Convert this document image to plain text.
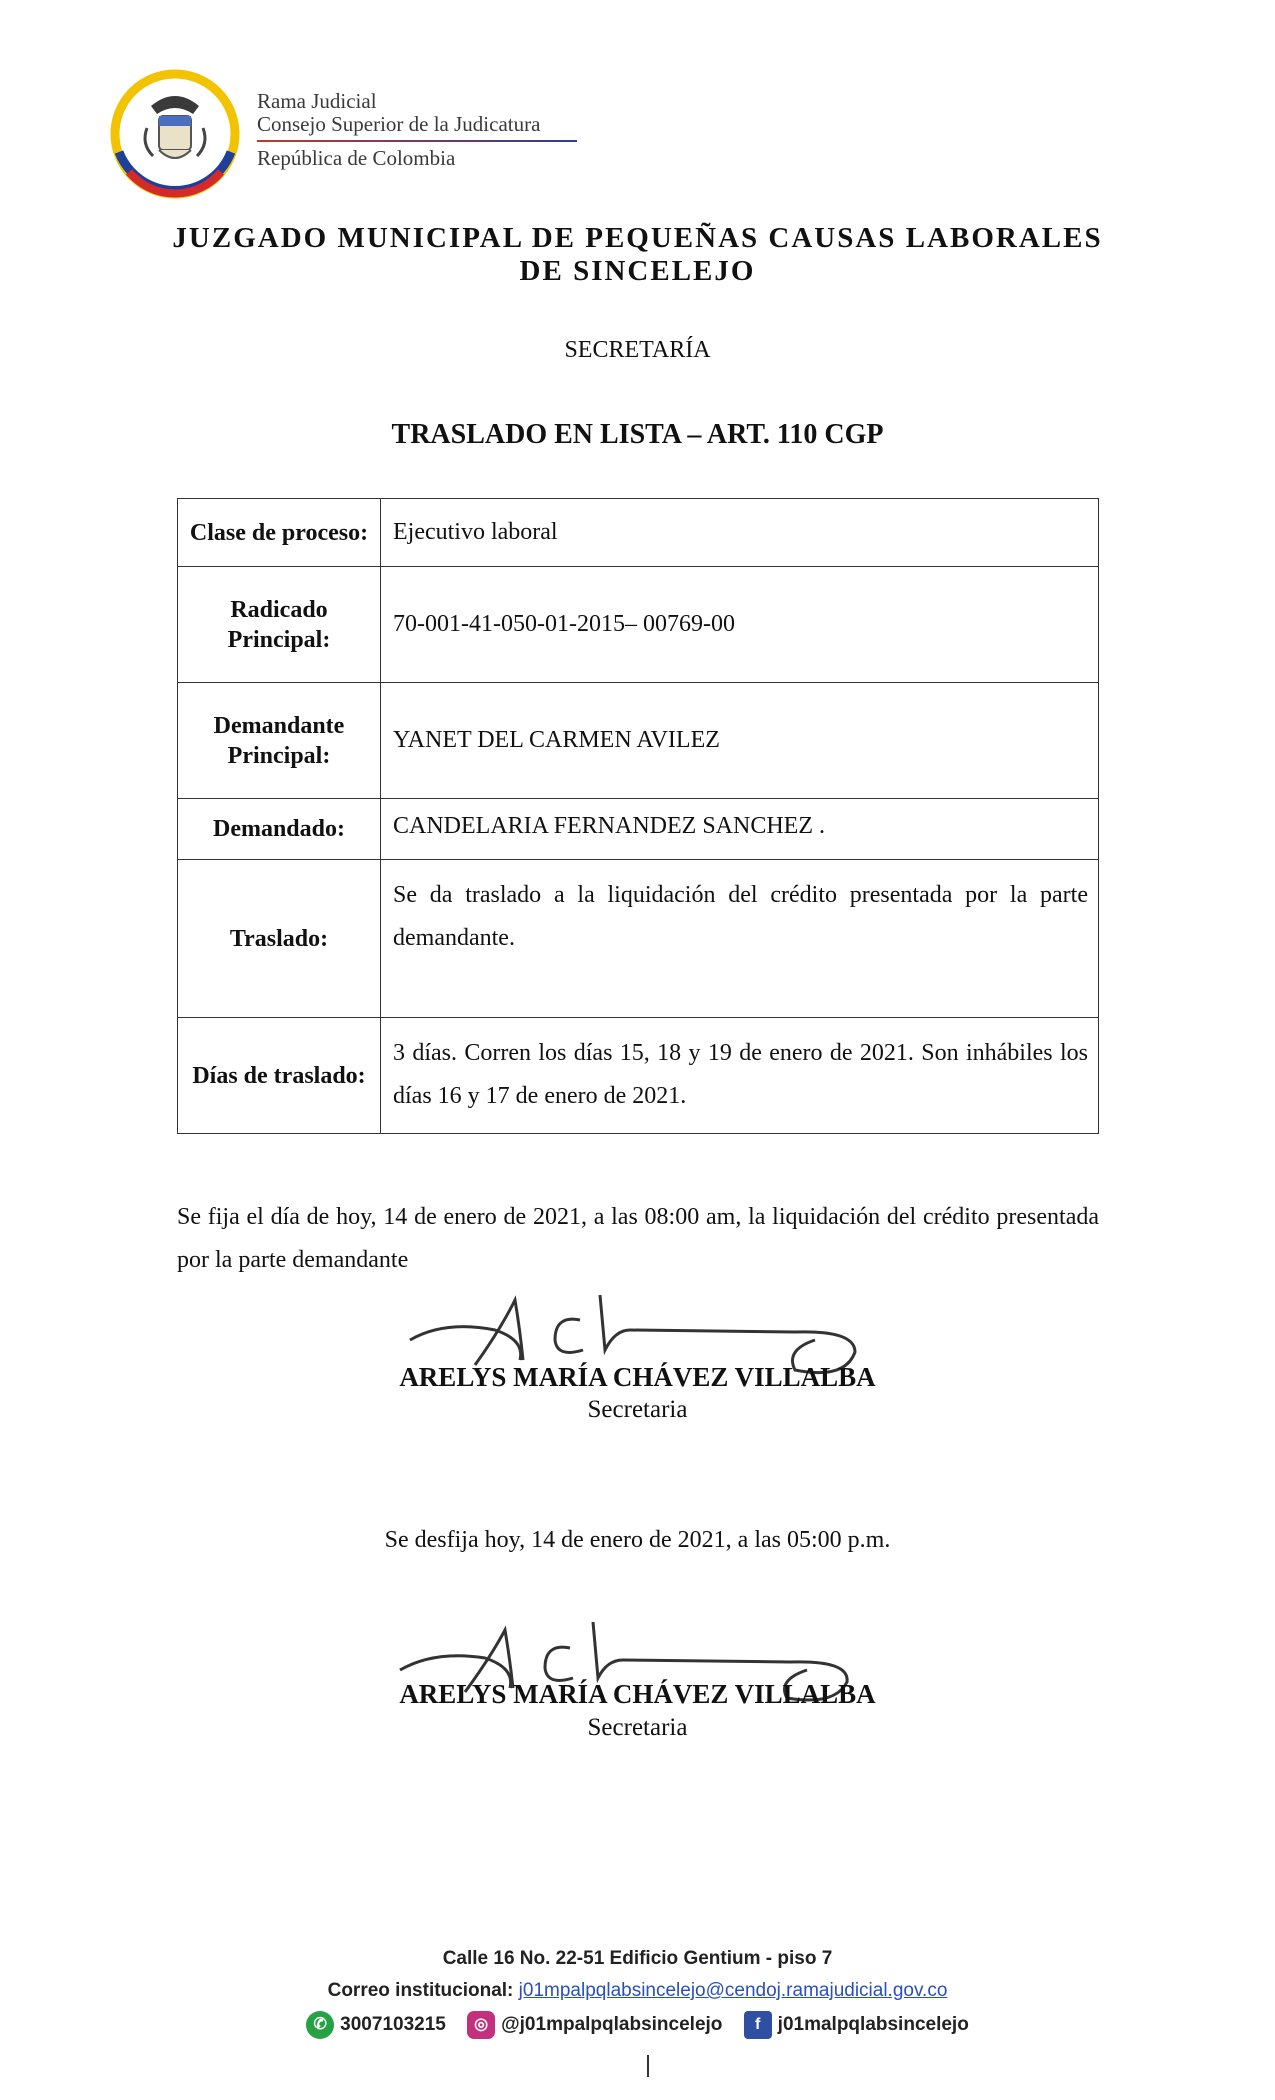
Rama Judicial
Consejo Superior de la Judicatura
República de Colombia
JUZGADO MUNICIPAL DE PEQUEÑAS CAUSAS LABORALES DE SINCELEJO
SECRETARÍA
TRASLADO EN LISTA – ART. 110 CGP
Clase de proceso:	Ejecutivo laboral
Radicado Principal:	70-001-41-050-01-2015– 00769-00
Demandante Principal:	YANET DEL CARMEN AVILEZ
Demandado:	CANDELARIA FERNANDEZ SANCHEZ .
Traslado:	Se da traslado a la liquidación del crédito presentada por la parte demandante.
Días de traslado:	3 días. Corren los días 15, 18 y 19 de enero de 2021. Son inhábiles los días 16 y 17 de enero de 2021.
Se fija el día de hoy, 14 de enero de 2021, a las 08:00 am, la liquidación del crédito presentada por la parte demandante
ARELYS MARÍA CHÁVEZ VILLALBA
Secretaria
Se desfija hoy, 14 de enero de 2021, a las 05:00 p.m.
ARELYS MARÍA CHÁVEZ VILLALBA
Secretaria
Calle 16 No. 22-51 Edificio Gentium - piso 7
Correo institucional: j01mpalpqlabsincelejo@cendoj.ramajudicial.gov.co
✆ 3007103215
	◎ @j01mpalpqlabsincelejo
	f j01malpqlabsincelejo
